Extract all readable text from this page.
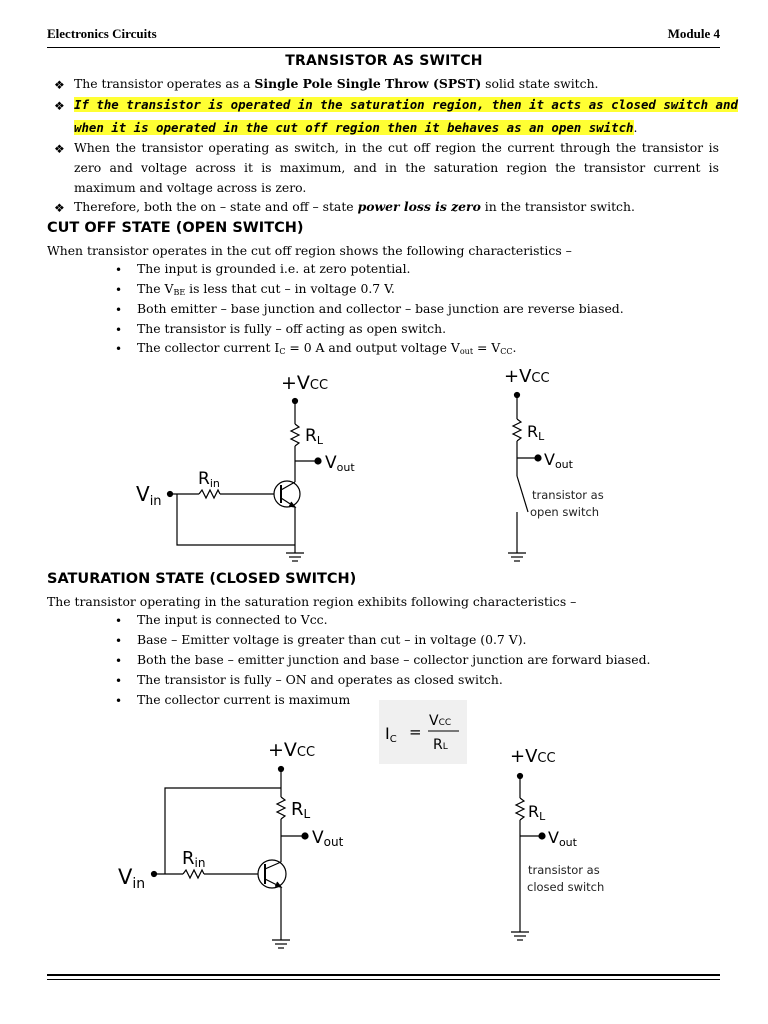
Electronics Circuits	Module 4
TRANSISTOR AS SWITCH
❖ The transistor operates as a Single Pole Single Throw (SPST) solid state switch.
❖ If the transistor is operated in the saturation region, then it acts as closed switch and
when it is operated in the cut off region then it behaves as an open switch.
❖ When the transistor operating as switch, in the cut off region the current through the transistor is zero and voltage across it is maximum, and in the saturation region the transistor current is maximum and voltage across is zero.
❖ Therefore, both the on – state and off – state power loss is zero in the transistor switch.
CUT OFF STATE (OPEN SWITCH)
When transistor operates in the cut off region shows the following characteristics –
• The input is grounded i.e. at zero potential.
• The $V_{BE}$ is less that cut – in voltage 0.7 V.
• Both emitter – base junction and collector – base junction are reverse biased.
• The transistor is fully – off acting as open switch.
• The collector current $I_C = 0$ A and output voltage $V_{out} = V_{CC}$.
+VCC
RL
Vout
$V_{in}$
Rin
+VCC
RL
Vout
transistor as
open switch
SATURATION STATE (CLOSED SWITCH)
The transistor operating in the saturation region exhibits following characteristics –
• The input is connected to Vcc.
• Base – Emitter voltage is greater than cut – in voltage (0.7 V).
• Both the base – emitter junction and base – collector junction are forward biased.
• The transistor is fully – ON and operates as closed switch.
• The collector current is maximum
IC =
VCC
RL
+VCC
RL
Vout
Vin
Rin
+VCC
RL
Vout
transistor as
closed switch
